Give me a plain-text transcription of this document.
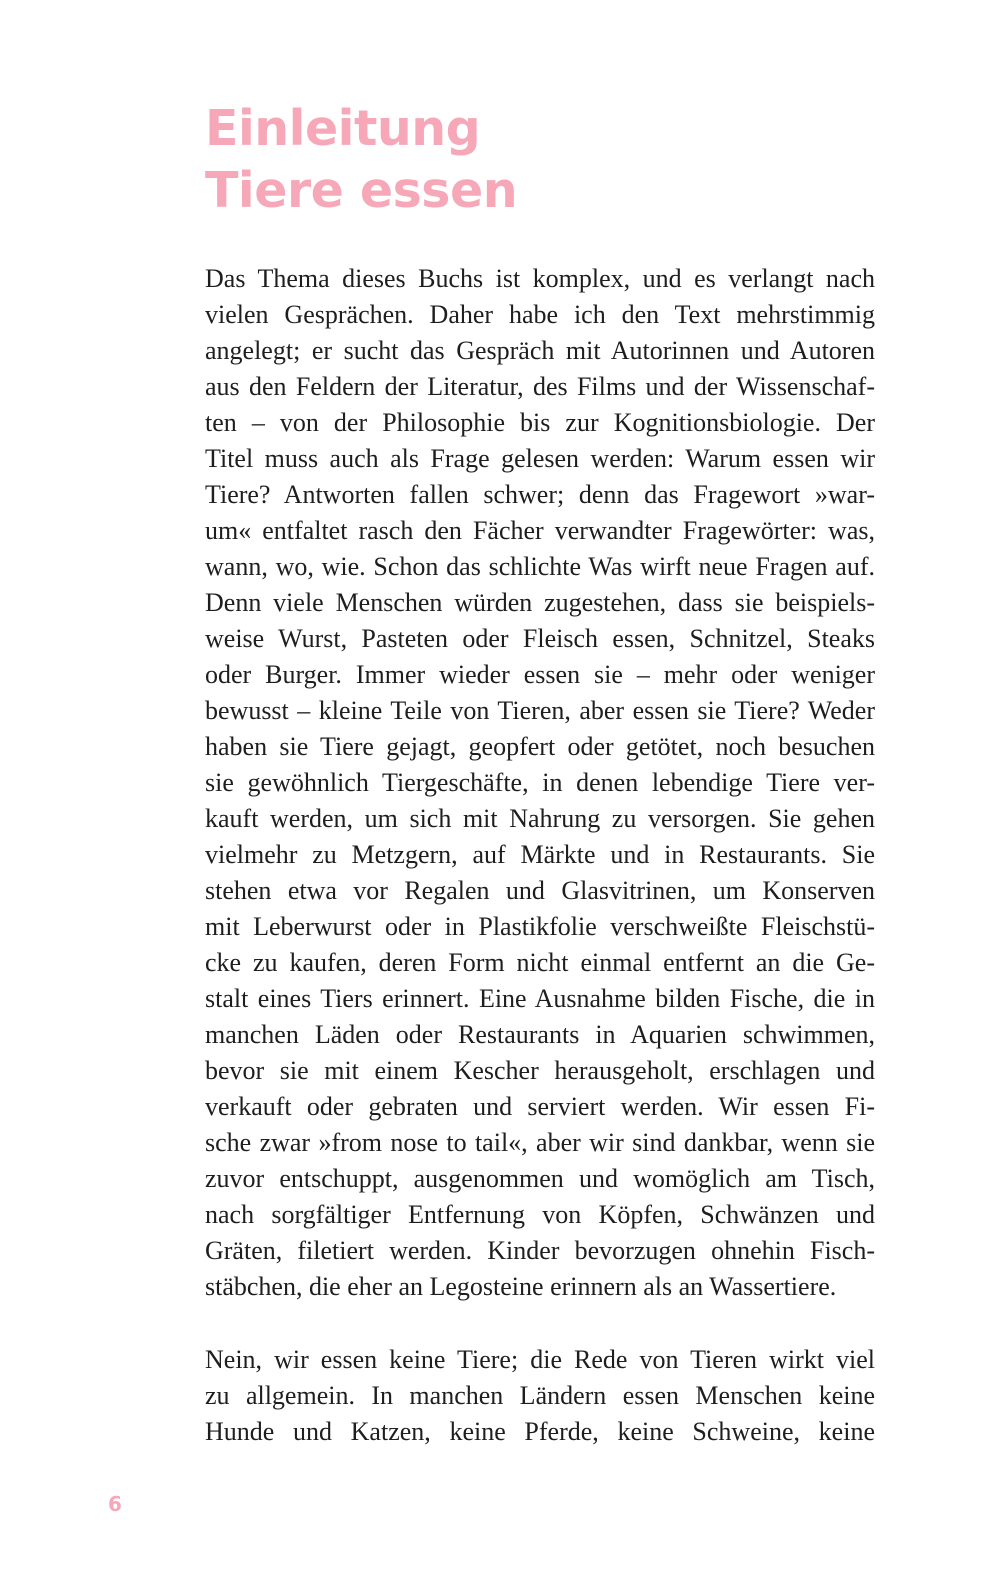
Einleitung
Tiere essen
Das Thema dieses Buchs ist komplex, und es verlangt nach
vielen Gesprächen. Daher habe ich den Text mehrstimmig
angelegt; er sucht das Gespräch mit Autorinnen und Autoren
aus den Feldern der Literatur, des Films und der Wissenschaf-
ten – von der Philosophie bis zur Kognitionsbiologie. Der
Titel muss auch als Frage gelesen werden: Warum essen wir
Tiere? Antworten fallen schwer; denn das Fragewort »war-
um« entfaltet rasch den Fächer verwandter Fragewörter: was,
wann, wo, wie. Schon das schlichte Was wirft neue Fragen auf.
Denn viele Menschen würden zugestehen, dass sie beispiels-
weise Wurst, Pasteten oder Fleisch essen, Schnitzel, Steaks
oder Burger. Immer wieder essen sie – mehr oder weniger
bewusst – kleine Teile von Tieren, aber essen sie Tiere? Weder
haben sie Tiere gejagt, geopfert oder getötet, noch besuchen
sie gewöhnlich Tiergeschäfte, in denen lebendige Tiere ver-
kauft werden, um sich mit Nahrung zu versorgen. Sie gehen
vielmehr zu Metzgern, auf Märkte und in Restaurants. Sie
stehen etwa vor Regalen und Glasvitrinen, um Konserven
mit Leberwurst oder in Plastikfolie verschweißte Fleischstü-
cke zu kaufen, deren Form nicht einmal entfernt an die Ge-
stalt eines Tiers erinnert. Eine Ausnahme bilden Fische, die in
manchen Läden oder Restaurants in Aquarien schwimmen,
bevor sie mit einem Kescher herausgeholt, erschlagen und
verkauft oder gebraten und serviert werden. Wir essen Fi-
sche zwar »from nose to tail«, aber wir sind dankbar, wenn sie
zuvor entschuppt, ausgenommen und womöglich am Tisch,
nach sorgfältiger Entfernung von Köpfen, Schwänzen und
Gräten, filetiert werden. Kinder bevorzugen ohnehin Fisch-
stäbchen, die eher an Legosteine erinnern als an Wassertiere.
Nein, wir essen keine Tiere; die Rede von Tieren wirkt viel
zu allgemein. In manchen Ländern essen Menschen keine
Hunde und Katzen, keine Pferde, keine Schweine, keine
6
